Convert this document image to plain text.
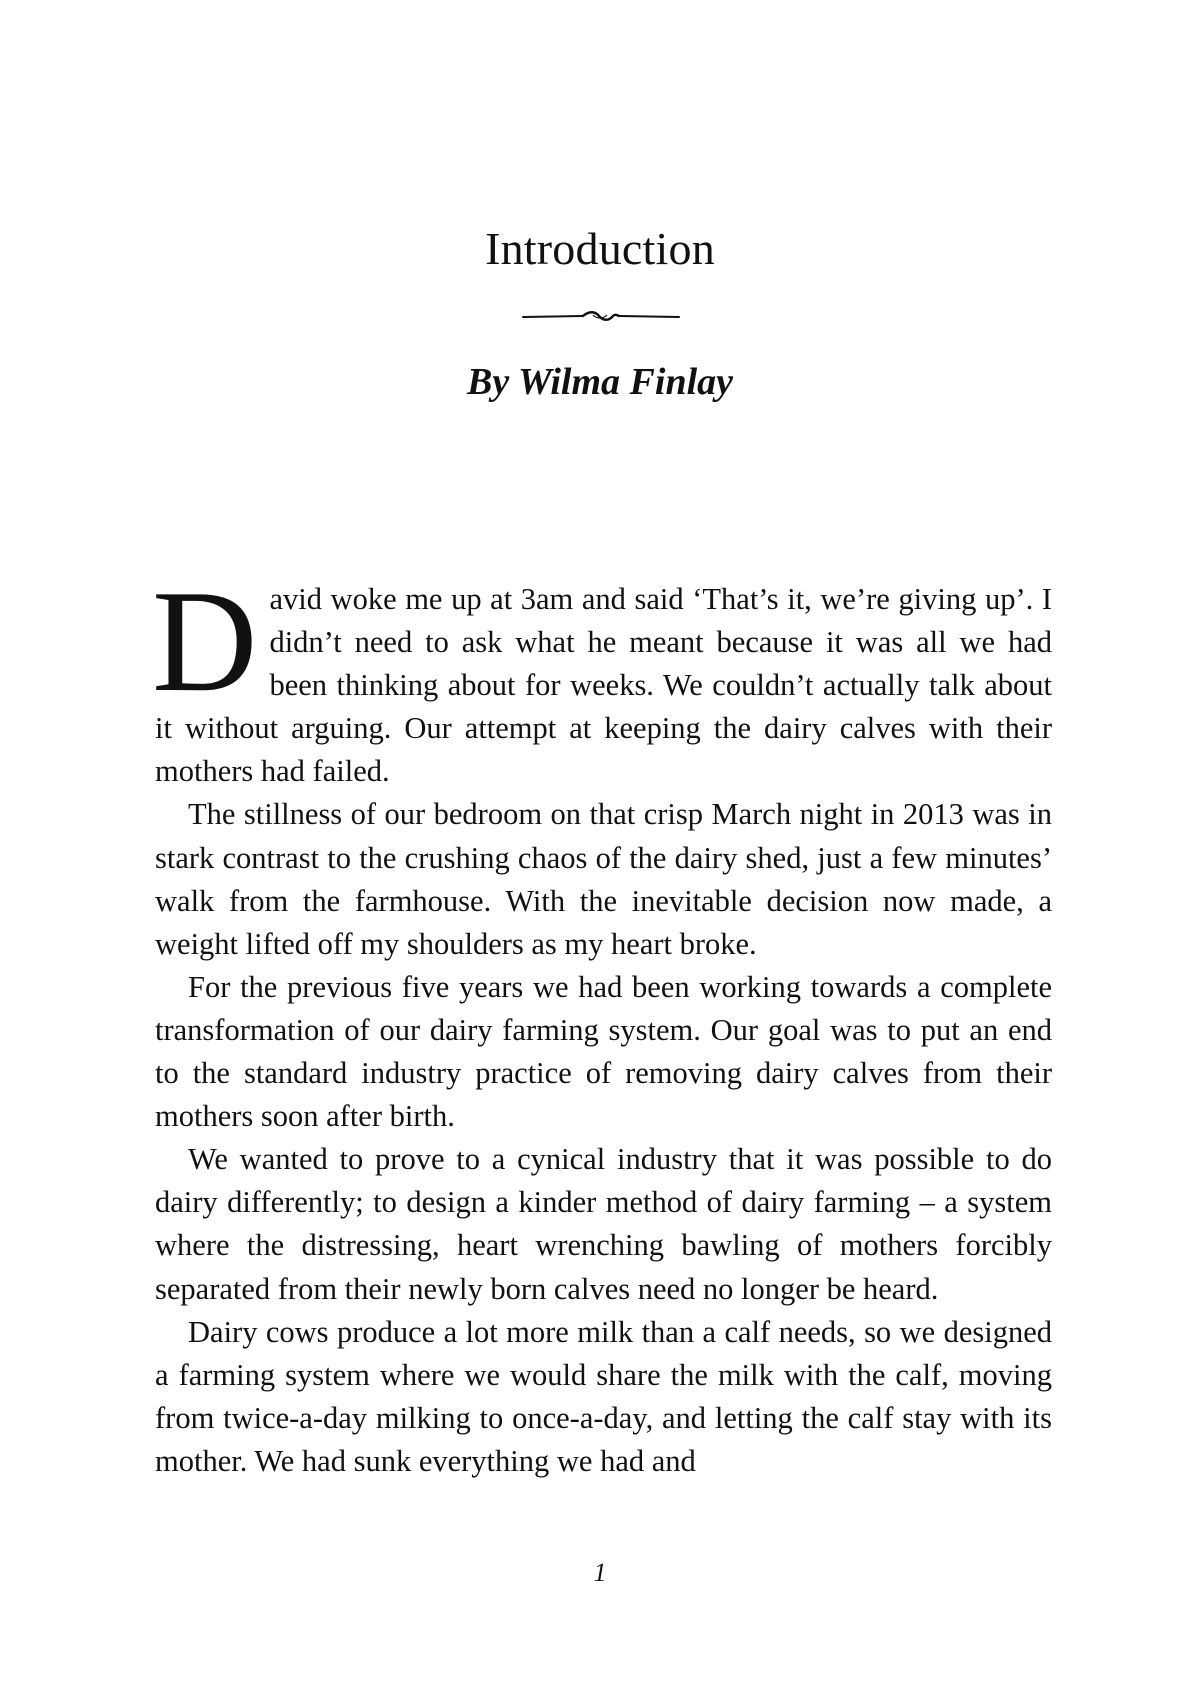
Introduction
By Wilma Finlay

David woke me up at 3am and said ‘That’s it, we’re giving up’. I didn’t need to ask what he meant because it was all we had been thinking about for weeks. We couldn’t actually talk about it without arguing. Our attempt at keeping the dairy calves with their mothers had failed.

The stillness of our bedroom on that crisp March night in 2013 was in stark contrast to the crushing chaos of the dairy shed, just a few minutes’ walk from the farmhouse. With the inevitable decision now made, a weight lifted off my shoulders as my heart broke.

For the previous five years we had been working towards a complete transformation of our dairy farming system. Our goal was to put an end to the standard industry practice of removing dairy calves from their mothers soon after birth.

We wanted to prove to a cynical industry that it was possible to do dairy differently; to design a kinder method of dairy farming – a system where the distressing, heart wrenching bawling of mothers forcibly separated from their newly born calves need no longer be heard.

Dairy cows produce a lot more milk than a calf needs, so we designed a farming system where we would share the milk with the calf, moving from twice-a-day milking to once-a-day, and letting the calf stay with its mother. We had sunk everything we had and

1
